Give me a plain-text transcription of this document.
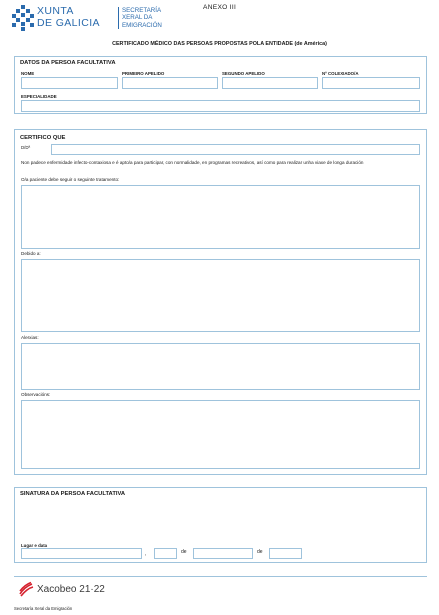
XUNTA
DE GALICIA
SECRETARÍA
XERAL DA
EMIGRACIÓN
ANEXO III
CERTIFICADO MÉDICO DAS PERSOAS PROPOSTAS POLA ENTIDADE (de América)
DATOS DA PERSOA FACULTATIVA
NOME	PRIMEIRO APELIDO	SEGUNDO APELIDO	Nº COLEXIADO/A
ESPECIALIDADE
CERTIFICO QUE
D/Dª
Non padece enfermidade infecto-contaxiosa e é apto/a para participar, con normalidade, en programas recreativos, así como para realizar unha viaxe de longa duración
O/a paciente debe seguir o seguinte tratamento:
Debido a:
Alerxias:
Observacións:
SINATURA DA PERSOA FACULTATIVA
Lugar e data
,	de	de
Xacobeo 21·22
Secretaría Xeral da Emigración
